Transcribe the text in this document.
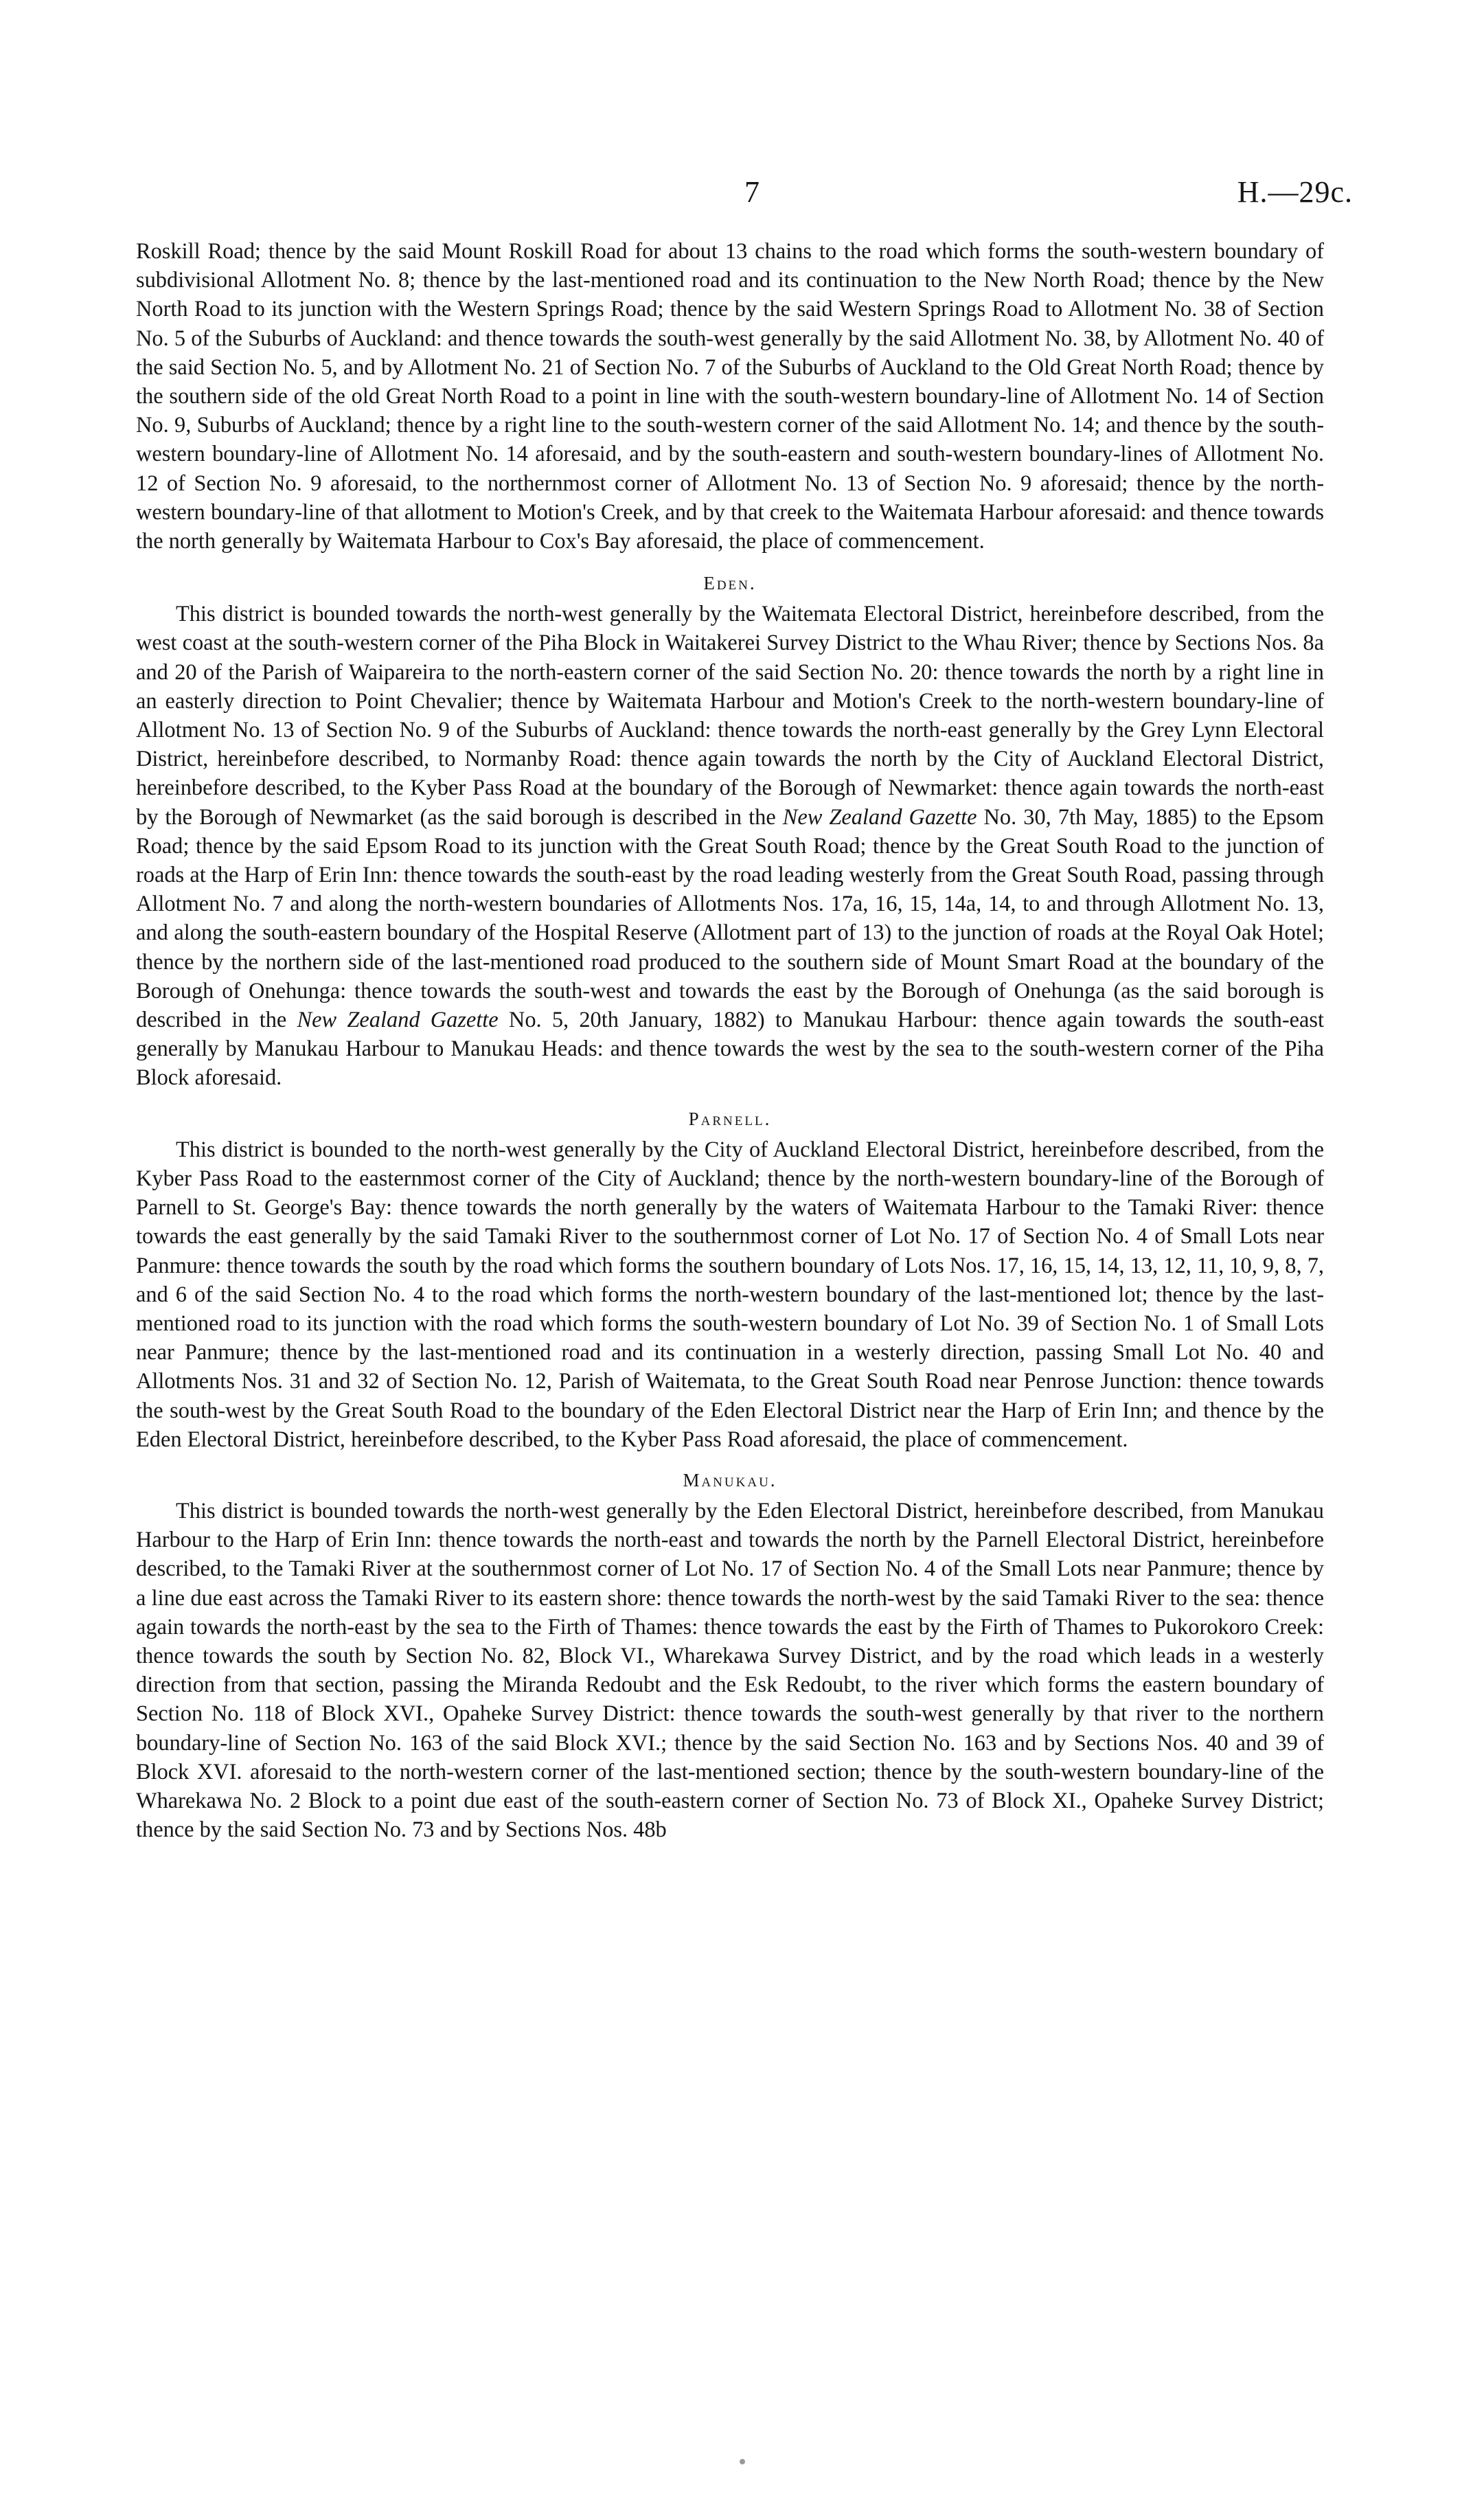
7	H.—29c.

Roskill Road; thence by the said Mount Roskill Road for about 13 chains to the road which forms the south-western boundary of subdivisional Allotment No. 8; thence by the last-mentioned road and its continuation to the New North Road; thence by the New North Road to its junction with the Western Springs Road; thence by the said Western Springs Road to Allotment No. 38 of Section No. 5 of the Suburbs of Auckland: and thence towards the south-west generally by the said Allotment No. 38, by Allotment No. 40 of the said Section No. 5, and by Allotment No. 21 of Section No. 7 of the Suburbs of Auckland to the Old Great North Road; thence by the southern side of the old Great North Road to a point in line with the south-western boundary-line of Allotment No. 14 of Section No. 9, Suburbs of Auckland; thence by a right line to the south-western corner of the said Allotment No. 14; and thence by the south-western boundary-line of Allotment No. 14 aforesaid, and by the south-eastern and south-western boundary-lines of Allotment No. 12 of Section No. 9 aforesaid, to the northernmost corner of Allotment No. 13 of Section No. 9 aforesaid; thence by the north-western boundary-line of that allotment to Motion's Creek, and by that creek to the Waitemata Harbour aforesaid: and thence towards the north generally by Waitemata Harbour to Cox's Bay aforesaid, the place of commencement.

Eden.

This district is bounded towards the north-west generally by the Waitemata Electoral District, hereinbefore described, from the west coast at the south-western corner of the Piha Block in Waitakerei Survey District to the Whau River; thence by Sections Nos. 8a and 20 of the Parish of Waipareira to the north-eastern corner of the said Section No. 20: thence towards the north by a right line in an easterly direction to Point Chevalier; thence by Waitemata Harbour and Motion's Creek to the north-western boundary-line of Allotment No. 13 of Section No. 9 of the Suburbs of Auckland: thence towards the north-east generally by the Grey Lynn Electoral District, hereinbefore described, to Normanby Road: thence again towards the north by the City of Auckland Electoral District, hereinbefore described, to the Kyber Pass Road at the boundary of the Borough of Newmarket: thence again towards the north-east by the Borough of Newmarket (as the said borough is described in the New Zealand Gazette No. 30, 7th May, 1885) to the Epsom Road; thence by the said Epsom Road to its junction with the Great South Road; thence by the Great South Road to the junction of roads at the Harp of Erin Inn: thence towards the south-east by the road leading westerly from the Great South Road, passing through Allotment No. 7 and along the north-western boundaries of Allotments Nos. 17a, 16, 15, 14a, 14, to and through Allotment No. 13, and along the south-eastern boundary of the Hospital Reserve (Allotment part of 13) to the junction of roads at the Royal Oak Hotel; thence by the northern side of the last-mentioned road produced to the southern side of Mount Smart Road at the boundary of the Borough of Onehunga: thence towards the south-west and towards the east by the Borough of Onehunga (as the said borough is described in the New Zealand Gazette No. 5, 20th January, 1882) to Manukau Harbour: thence again towards the south-east generally by Manukau Harbour to Manukau Heads: and thence towards the west by the sea to the south-western corner of the Piha Block aforesaid.

Parnell.

This district is bounded to the north-west generally by the City of Auckland Electoral District, hereinbefore described, from the Kyber Pass Road to the easternmost corner of the City of Auckland; thence by the north-western boundary-line of the Borough of Parnell to St. George's Bay: thence towards the north generally by the waters of Waitemata Harbour to the Tamaki River: thence towards the east generally by the said Tamaki River to the southernmost corner of Lot No. 17 of Section No. 4 of Small Lots near Panmure: thence towards the south by the road which forms the southern boundary of Lots Nos. 17, 16, 15, 14, 13, 12, 11, 10, 9, 8, 7, and 6 of the said Section No. 4 to the road which forms the north-western boundary of the last-mentioned lot; thence by the last-mentioned road to its junction with the road which forms the south-western boundary of Lot No. 39 of Section No. 1 of Small Lots near Panmure; thence by the last-mentioned road and its continuation in a westerly direction, passing Small Lot No. 40 and Allotments Nos. 31 and 32 of Section No. 12, Parish of Waitemata, to the Great South Road near Penrose Junction: thence towards the south-west by the Great South Road to the boundary of the Eden Electoral District near the Harp of Erin Inn; and thence by the Eden Electoral District, hereinbefore described, to the Kyber Pass Road aforesaid, the place of commencement.

Manukau.

This district is bounded towards the north-west generally by the Eden Electoral District, hereinbefore described, from Manukau Harbour to the Harp of Erin Inn: thence towards the north-east and towards the north by the Parnell Electoral District, hereinbefore described, to the Tamaki River at the southernmost corner of Lot No. 17 of Section No. 4 of the Small Lots near Panmure; thence by a line due east across the Tamaki River to its eastern shore: thence towards the north-west by the said Tamaki River to the sea: thence again towards the north-east by the sea to the Firth of Thames: thence towards the east by the Firth of Thames to Pukorokoro Creek: thence towards the south by Section No. 82, Block VI., Wharekawa Survey District, and by the road which leads in a westerly direction from that section, passing the Miranda Redoubt and the Esk Redoubt, to the river which forms the eastern boundary of Section No. 118 of Block XVI., Opaheke Survey District: thence towards the south-west generally by that river to the northern boundary-line of Section No. 163 of the said Block XVI.; thence by the said Section No. 163 and by Sections Nos. 40 and 39 of Block XVI. aforesaid to the north-western corner of the last-mentioned section; thence by the south-western boundary-line of the Wharekawa No. 2 Block to a point due east of the south-eastern corner of Section No. 73 of Block XI., Opaheke Survey District; thence by the said Section No. 73 and by Sections Nos. 48b
